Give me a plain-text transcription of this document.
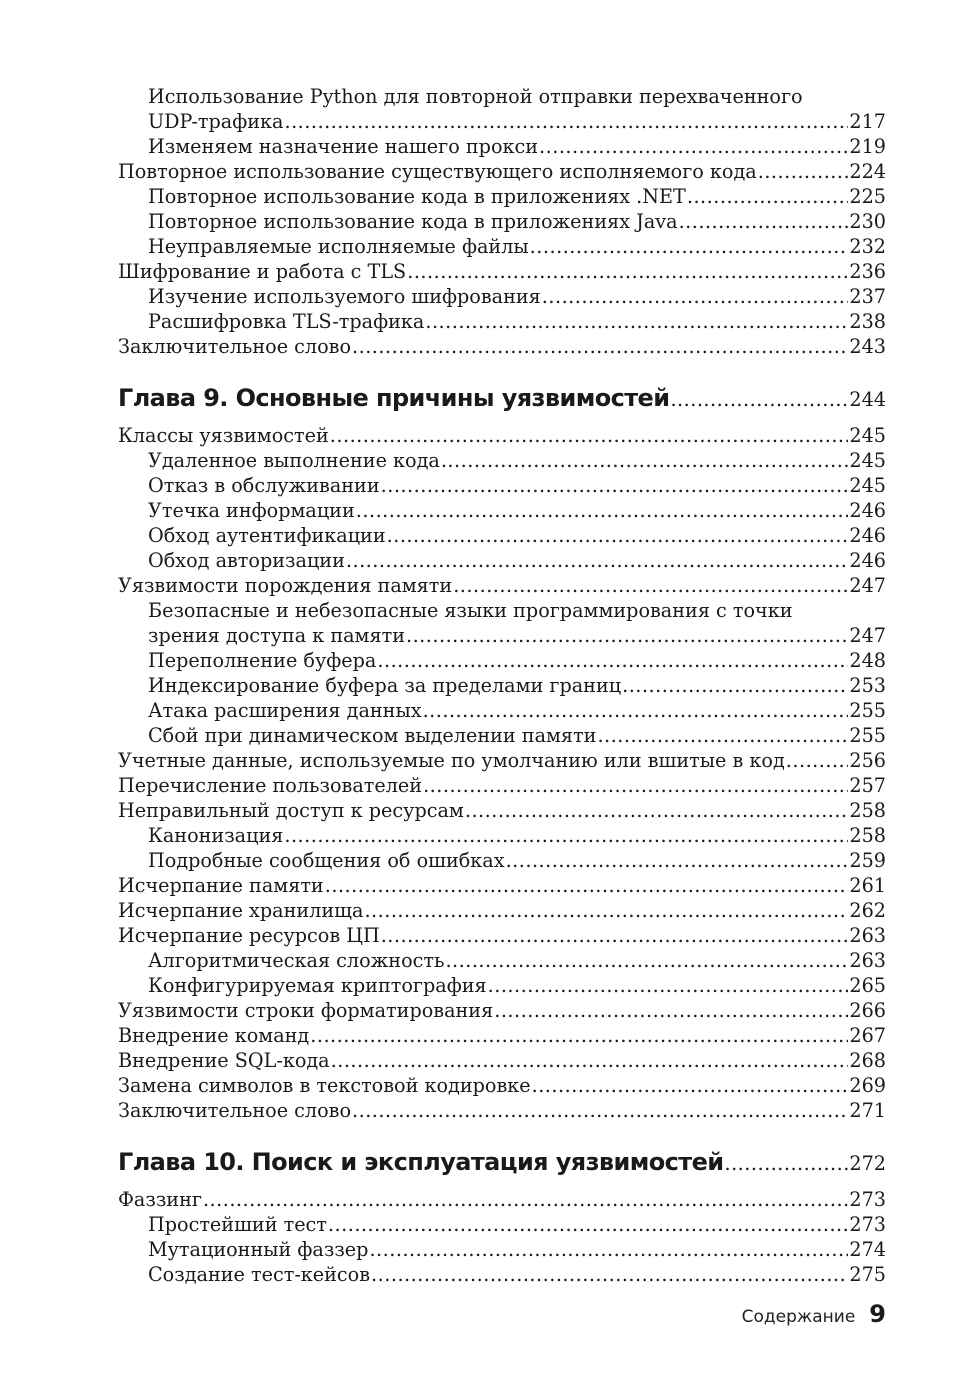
Использование Python для повторной отправки перехваченного
UDP-трафика .....	217
Изменяем назначение нашего прокси .....	219
Повторное использование существующего исполняемого кода .....	224
Повторное использование кода в приложениях .NET .....	225
Повторное использование кода в приложениях Java .....	230
Неуправляемые исполняемые файлы .....	232
Шифрование и работа с TLS .....	236
Изучение используемого шифрования .....	237
Расшифровка TLS-трафика .....	238
Заключительное слово .....	243
Глава 9. Основные причины уязвимостей .....	244
Классы уязвимостей .....	245
Удаленное выполнение кода .....	245
Отказ в обслуживании .....	245
Утечка информации .....	246
Обход аутентификации .....	246
Обход авторизации .....	246
Уязвимости порождения памяти .....	247
Безопасные и небезопасные языки программирования с точки
зрения доступа к памяти .....	247
Переполнение буфера .....	248
Индексирование буфера за пределами границ .....	253
Атака расширения данных .....	255
Сбой при динамическом выделении памяти .....	255
Учетные данные, используемые по умолчанию или вшитые в код .....	256
Перечисление пользователей .....	257
Неправильный доступ к ресурсам .....	258
Канонизация .....	258
Подробные сообщения об ошибках .....	259
Исчерпание памяти .....	261
Исчерпание хранилища .....	262
Исчерпание ресурсов ЦП .....	263
Алгоритмическая сложность .....	263
Конфигурируемая криптография .....	265
Уязвимости строки форматирования .....	266
Внедрение команд .....	267
Внедрение SQL-кода .....	268
Замена символов в текстовой кодировке .....	269
Заключительное слово .....	271
Глава 10. Поиск и эксплуатация уязвимостей .....	272
Фаззинг .....	273
Простейший тест .....	273
Мутационный фаззер .....	274
Создание тест-кейсов .....	275
Содержание 9
